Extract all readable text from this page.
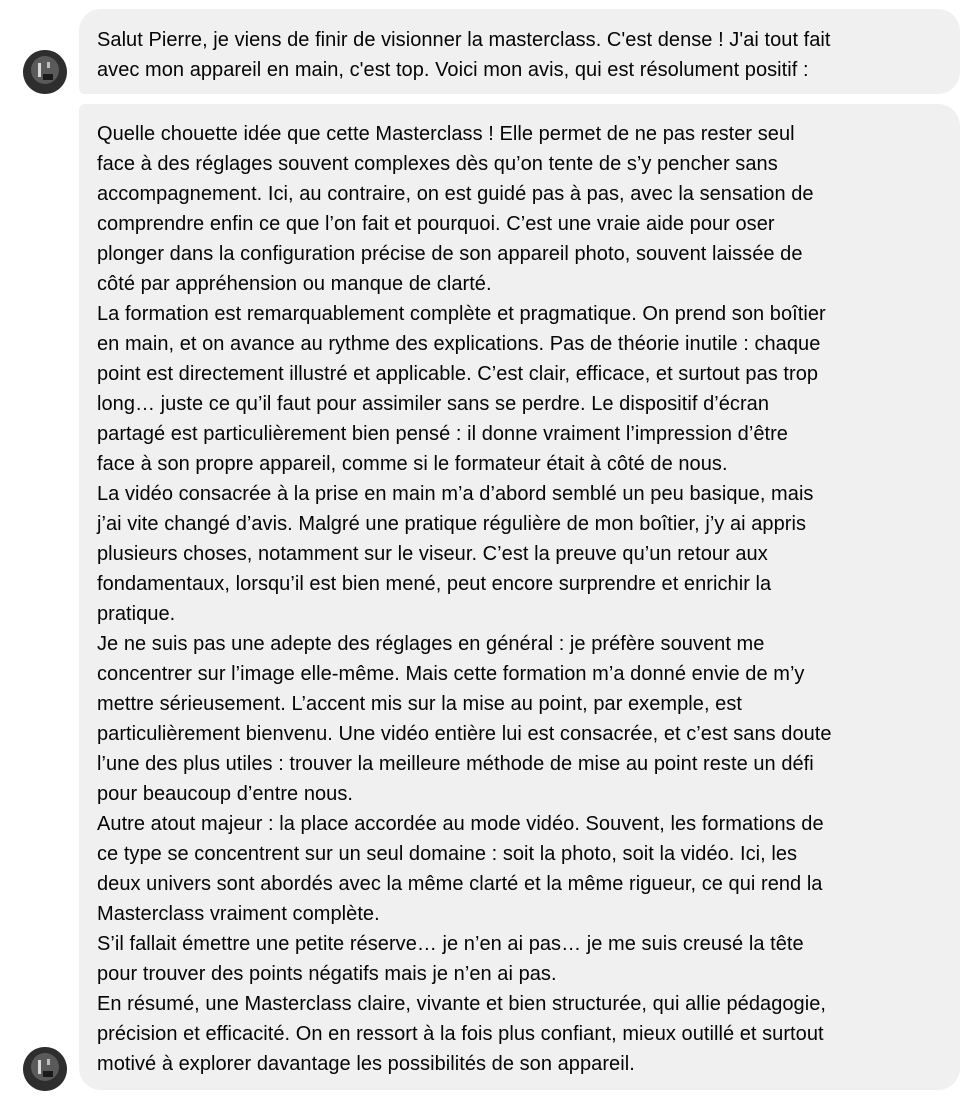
Salut Pierre, je viens de finir de visionner la masterclass. C'est dense ! J'ai tout fait
avec mon appareil en main, c'est top. Voici mon avis, qui est résolument positif :
Quelle chouette idée que cette Masterclass ! Elle permet de ne pas rester seul
face à des réglages souvent complexes dès qu’on tente de s’y pencher sans
accompagnement. Ici, au contraire, on est guidé pas à pas, avec la sensation de
comprendre enfin ce que l’on fait et pourquoi. C’est une vraie aide pour oser
plonger dans la configuration précise de son appareil photo, souvent laissée de
côté par appréhension ou manque de clarté.
La formation est remarquablement complète et pragmatique. On prend son boîtier
en main, et on avance au rythme des explications. Pas de théorie inutile : chaque
point est directement illustré et applicable. C’est clair, efficace, et surtout pas trop
long… juste ce qu’il faut pour assimiler sans se perdre. Le dispositif d’écran
partagé est particulièrement bien pensé : il donne vraiment l’impression d’être
face à son propre appareil, comme si le formateur était à côté de nous.
La vidéo consacrée à la prise en main m’a d’abord semblé un peu basique, mais
j’ai vite changé d’avis. Malgré une pratique régulière de mon boîtier, j’y ai appris
plusieurs choses, notamment sur le viseur. C’est la preuve qu’un retour aux
fondamentaux, lorsqu’il est bien mené, peut encore surprendre et enrichir la
pratique.
Je ne suis pas une adepte des réglages en général : je préfère souvent me
concentrer sur l’image elle-même. Mais cette formation m’a donné envie de m’y
mettre sérieusement. L’accent mis sur la mise au point, par exemple, est
particulièrement bienvenu. Une vidéo entière lui est consacrée, et c’est sans doute
l’une des plus utiles : trouver la meilleure méthode de mise au point reste un défi
pour beaucoup d’entre nous.
Autre atout majeur : la place accordée au mode vidéo. Souvent, les formations de
ce type se concentrent sur un seul domaine : soit la photo, soit la vidéo. Ici, les
deux univers sont abordés avec la même clarté et la même rigueur, ce qui rend la
Masterclass vraiment complète.
S’il fallait émettre une petite réserve… je n’en ai pas… je me suis creusé la tête
pour trouver des points négatifs mais je n’en ai pas.
En résumé, une Masterclass claire, vivante et bien structurée, qui allie pédagogie,
précision et efficacité. On en ressort à la fois plus confiant, mieux outillé et surtout
motivé à explorer davantage les possibilités de son appareil.
